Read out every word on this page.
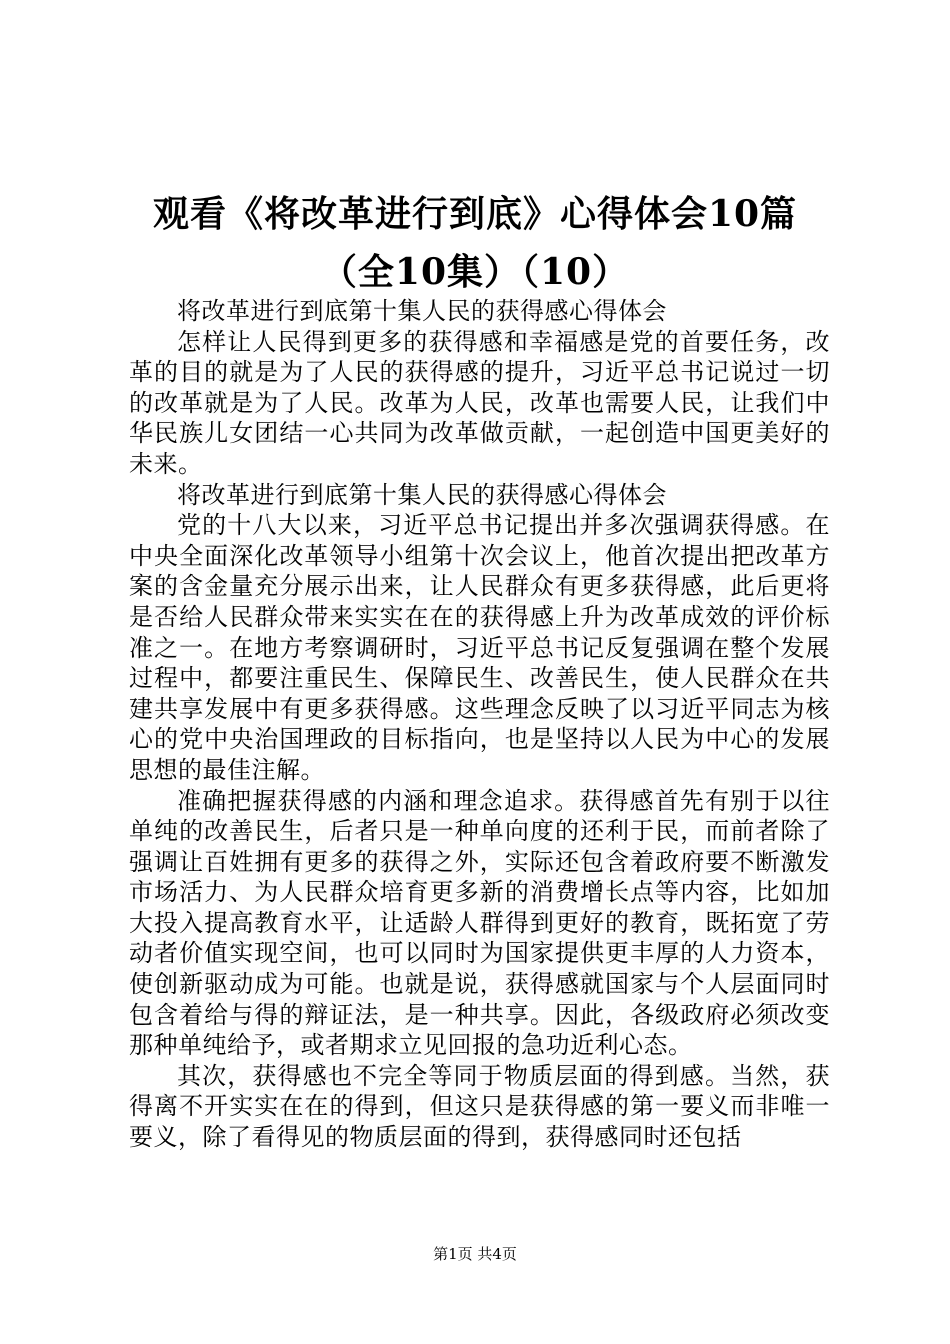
观看《将改革进行到底》心得体会10篇（全10集）（10）

将改革进行到底第十集人民的获得感心得体会

怎样让人民得到更多的获得感和幸福感是党的首要任务，改革的目的就是为了人民的获得感的提升，习近平总书记说过一切的改革就是为了人民。改革为人民，改革也需要人民，让我们中华民族儿女团结一心共同为改革做贡献，一起创造中国更美好的未来。

将改革进行到底第十集人民的获得感心得体会

党的十八大以来，习近平总书记提出并多次强调获得感。在中央全面深化改革领导小组第十次会议上，他首次提出把改革方案的含金量充分展示出来，让人民群众有更多获得感，此后更将是否给人民群众带来实实在在的获得感上升为改革成效的评价标准之一。在地方考察调研时，习近平总书记反复强调在整个发展过程中，都要注重民生、保障民生、改善民生，使人民群众在共建共享发展中有更多获得感。这些理念反映了以习近平同志为核心的党中央治国理政的目标指向，也是坚持以人民为中心的发展思想的最佳注解。

准确把握获得感的内涵和理念追求。获得感首先有别于以往单纯的改善民生，后者只是一种单向度的还利于民，而前者除了强调让百姓拥有更多的获得之外，实际还包含着政府要不断激发市场活力、为人民群众培育更多新的消费增长点等内容，比如加大投入提高教育水平，让适龄人群得到更好的教育，既拓宽了劳动者价值实现空间，也可以同时为国家提供更丰厚的人力资本，使创新驱动成为可能。也就是说，获得感就国家与个人层面同时包含着给与得的辩证法，是一种共享。因此，各级政府必须改变那种单纯给予，或者期求立见回报的急功近利心态。

其次，获得感也不完全等同于物质层面的得到感。当然，获得离不开实实在在的得到，但这只是获得感的第一要义而非唯一要义，除了看得见的物质层面的得到，获得感同时还包括

第1页 共4页
